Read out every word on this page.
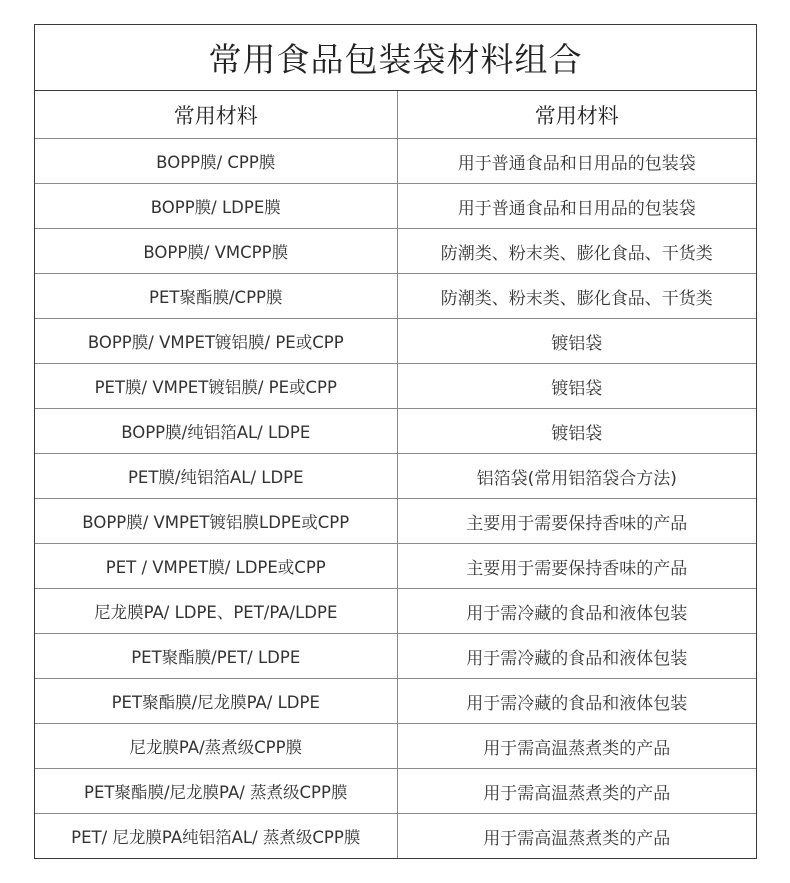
常用食品包装袋材料组合
常用材料	常用材料
BOPP膜/ CPP膜	用于普通食品和日用品的包装袋
BOPP膜/ LDPE膜	用于普通食品和日用品的包装袋
BOPP膜/ VMCPP膜	防潮类、粉末类、膨化食品、干货类
PET聚酯膜/CPP膜	防潮类、粉末类、膨化食品、干货类
BOPP膜/ VMPET镀铝膜/ PE或CPP	镀铝袋
PET膜/ VMPET镀铝膜/ PE或CPP	镀铝袋
BOPP膜/纯铝箔AL/ LDPE	镀铝袋
PET膜/纯铝箔AL/ LDPE	铝箔袋(常用铝箔袋合方法)
BOPP膜/ VMPET镀铝膜LDPE或CPP	主要用于需要保持香味的产品
PET / VMPET膜/ LDPE或CPP	主要用于需要保持香味的产品
尼龙膜PA/ LDPE、PET/PA/LDPE	用于需冷藏的食品和液体包装
PET聚酯膜/PET/ LDPE	用于需冷藏的食品和液体包装
PET聚酯膜/尼龙膜PA/ LDPE	用于需冷藏的食品和液体包装
尼龙膜PA/蒸煮级CPP膜	用于需高温蒸煮类的产品
PET聚酯膜/尼龙膜PA/ 蒸煮级CPP膜	用于需高温蒸煮类的产品
PET/ 尼龙膜PA纯铝箔AL/ 蒸煮级CPP膜	用于需高温蒸煮类的产品
